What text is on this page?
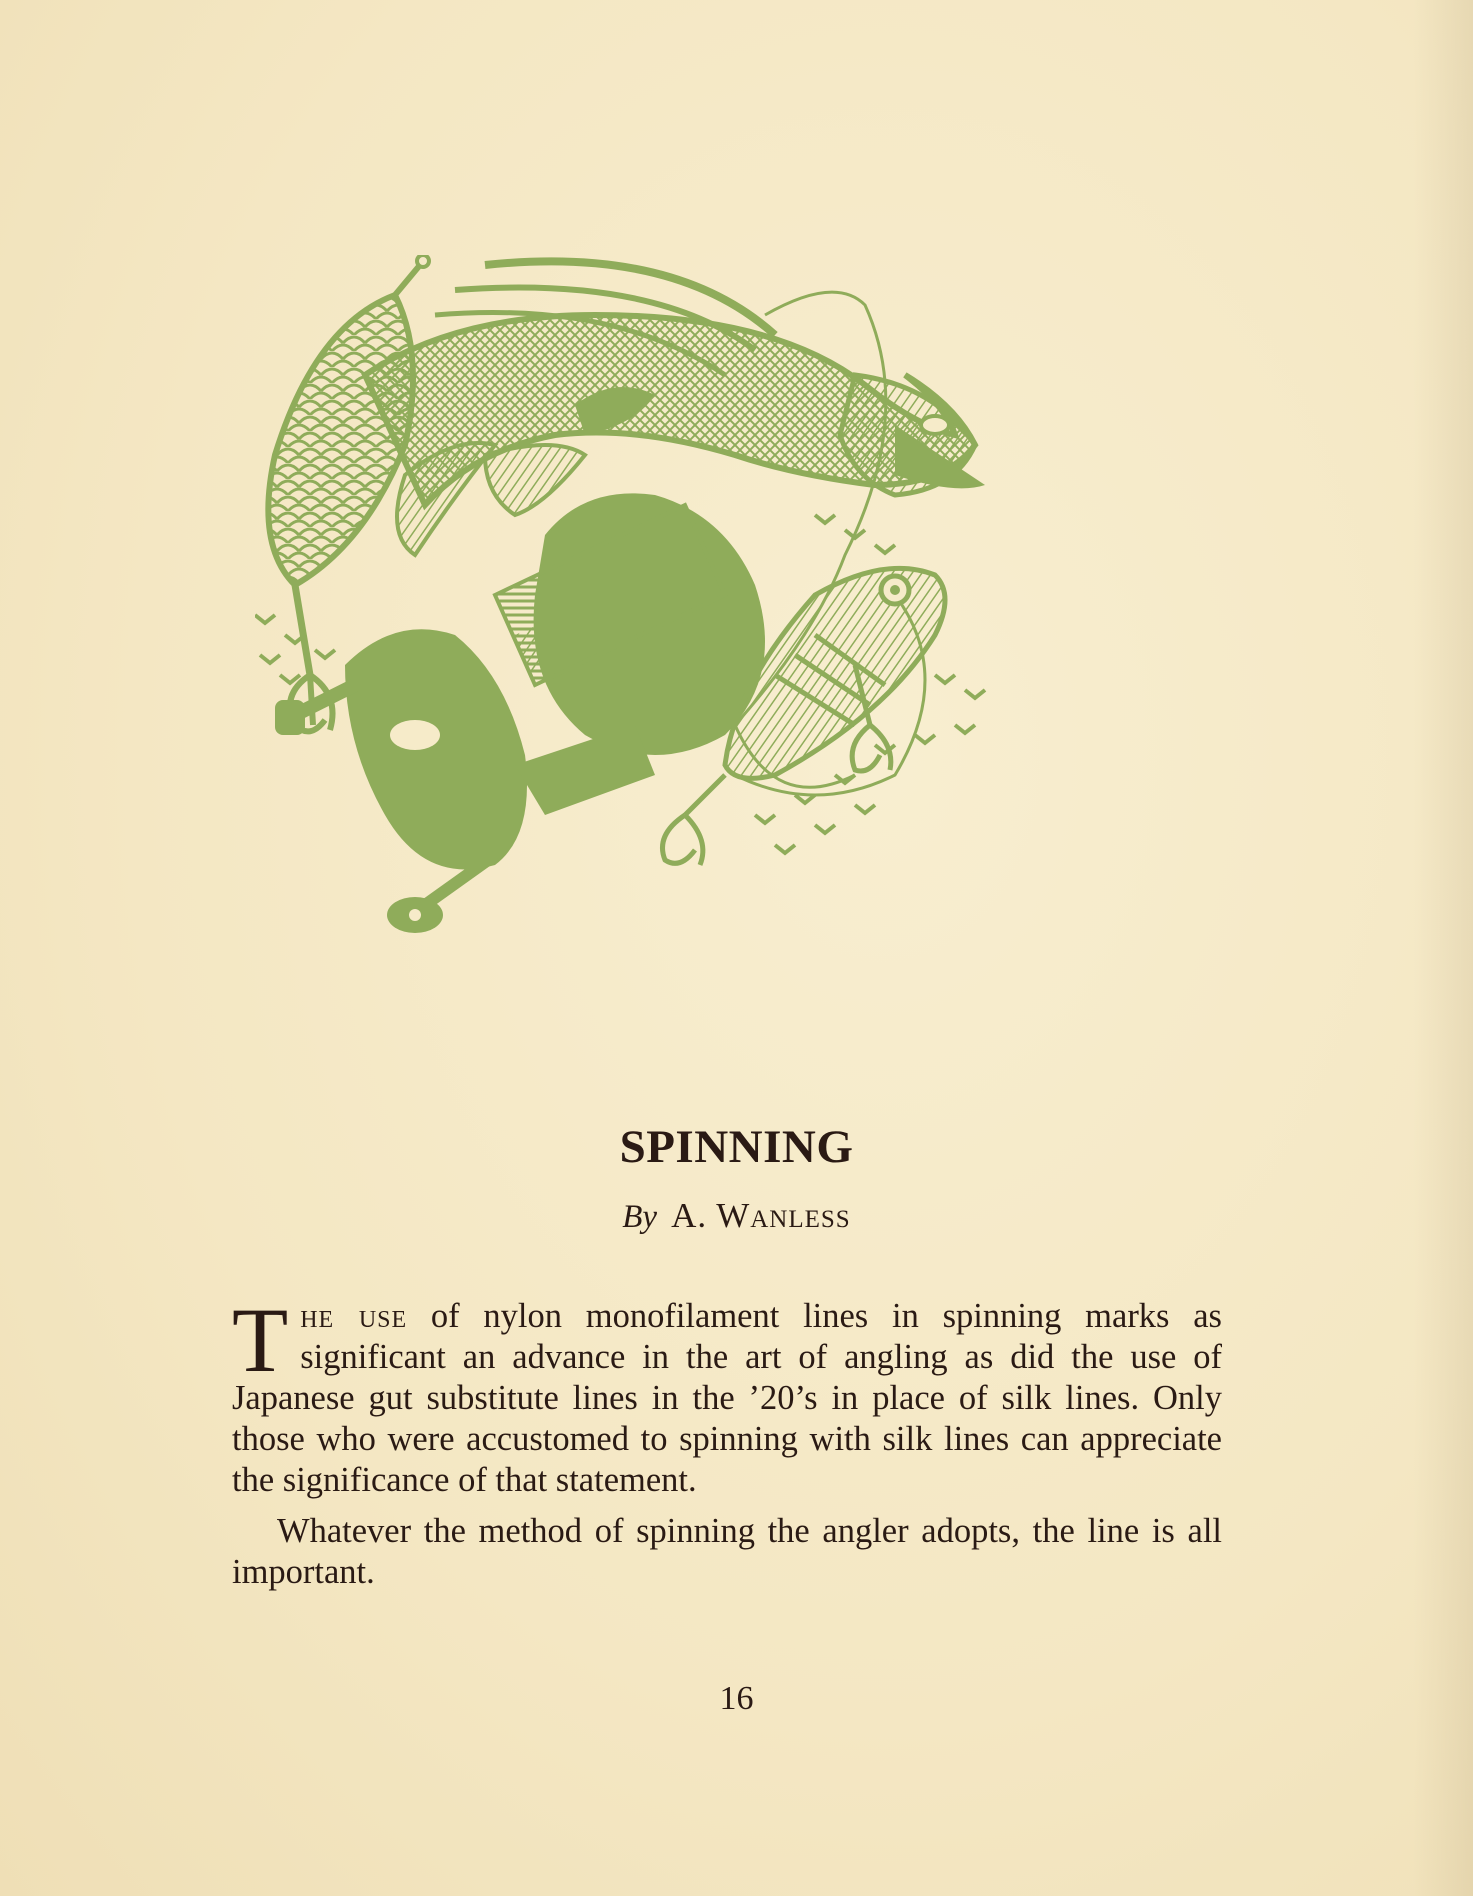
SPINNING
By A. Wanless

The use of nylon monofilament lines in spinning marks as significant an advance in the art of angling as did the use of Japanese gut substitute lines in the ’20’s in place of silk lines. Only those who were accustomed to spinning with silk lines can appreciate the significance of that statement.

Whatever the method of spinning the angler adopts, the line is all important.

16
